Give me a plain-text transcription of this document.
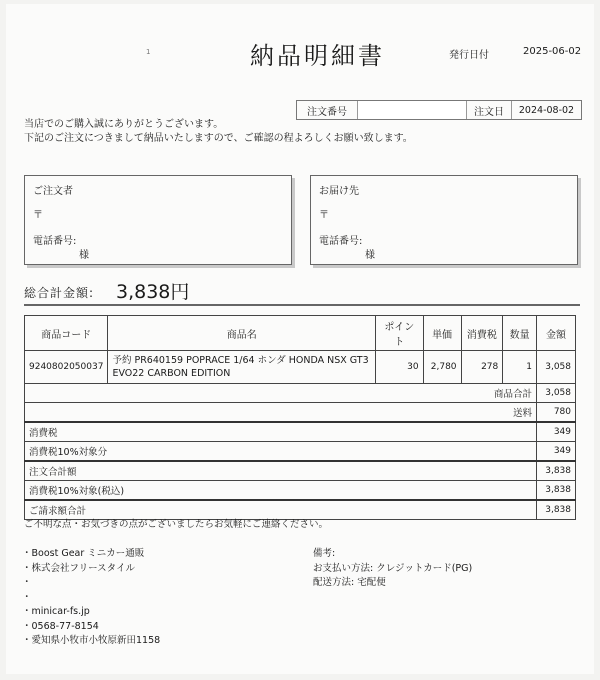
1	納品明細書	発行日付	2025-06-02
注文番号	注文日	2024-08-02
当店でのご購入誠にありがとうございます。
下記のご注文につきまして納品いたしますので、ご確認の程よろしくお願い致します。
ご注文者
〒
電話番号:
様
お届け先
〒
電話番号:
様
総合計金額: 3,838円
商品コード	商品名	ポイント	単価	消費税	数量	金額
9240802050037	予約 PR640159 POPRACE 1/64 ホンダ HONDA NSX GT3 EVO22 CARBON EDITION	30	2,780	278	1	3,058
商品合計						3,058
送料						780
消費税						349
消費税10%対象分						349
注文合計額						3,838
消費税10%対象(税込)						3,838
ご請求額合計						3,838
ご不明な点・お気づきの点がございましたらお気軽にご連絡ください。
・Boost Gear ミニカー通販
・株式会社フリースタイル
・
・
・minicar-fs.jp
・0568-77-8154
・愛知県小牧市小牧原新田1158
備考:
お支払い方法: クレジットカード(PG)
配送方法: 宅配便
